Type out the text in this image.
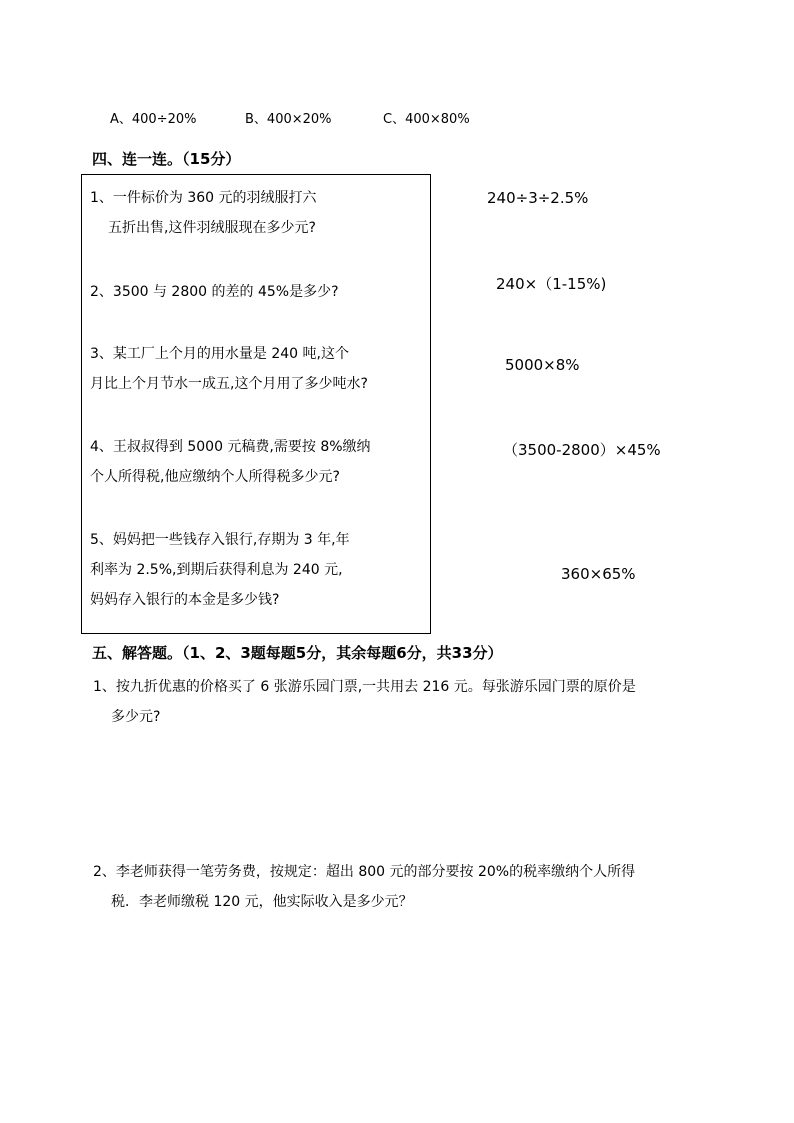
A、400÷20%	B、400×20%	C、400×80%
四、连一连。（15分）
1、一件标价为 360 元的羽绒服打六
五折出售,这件羽绒服现在多少元?
2、3500 与 2800 的差的 45%是多少?
3、某工厂上个月的用水量是 240 吨,这个
月比上个月节水一成五,这个月用了多少吨水?
4、王叔叔得到 5000 元稿费,需要按 8%缴纳
个人所得税,他应缴纳个人所得税多少元?
5、妈妈把一些钱存入银行,存期为 3 年,年
利率为 2.5%,到期后获得利息为 240 元,
妈妈存入银行的本金是多少钱?
240÷3÷2.5%
240×（1-15%)
5000×8%
（3500-2800）×45%
360×65%
五、解答题。（1、2、3题每题5分，其余每题6分，共33分）
1、按九折优惠的价格买了 6 张游乐园门票,一共用去 216 元。每张游乐园门票的原价是
多少元?
2、李老师获得一笔劳务费，按规定：超出 800 元的部分要按 20%的税率缴纳个人所得
税．李老师缴税 120 元，他实际收入是多少元？
